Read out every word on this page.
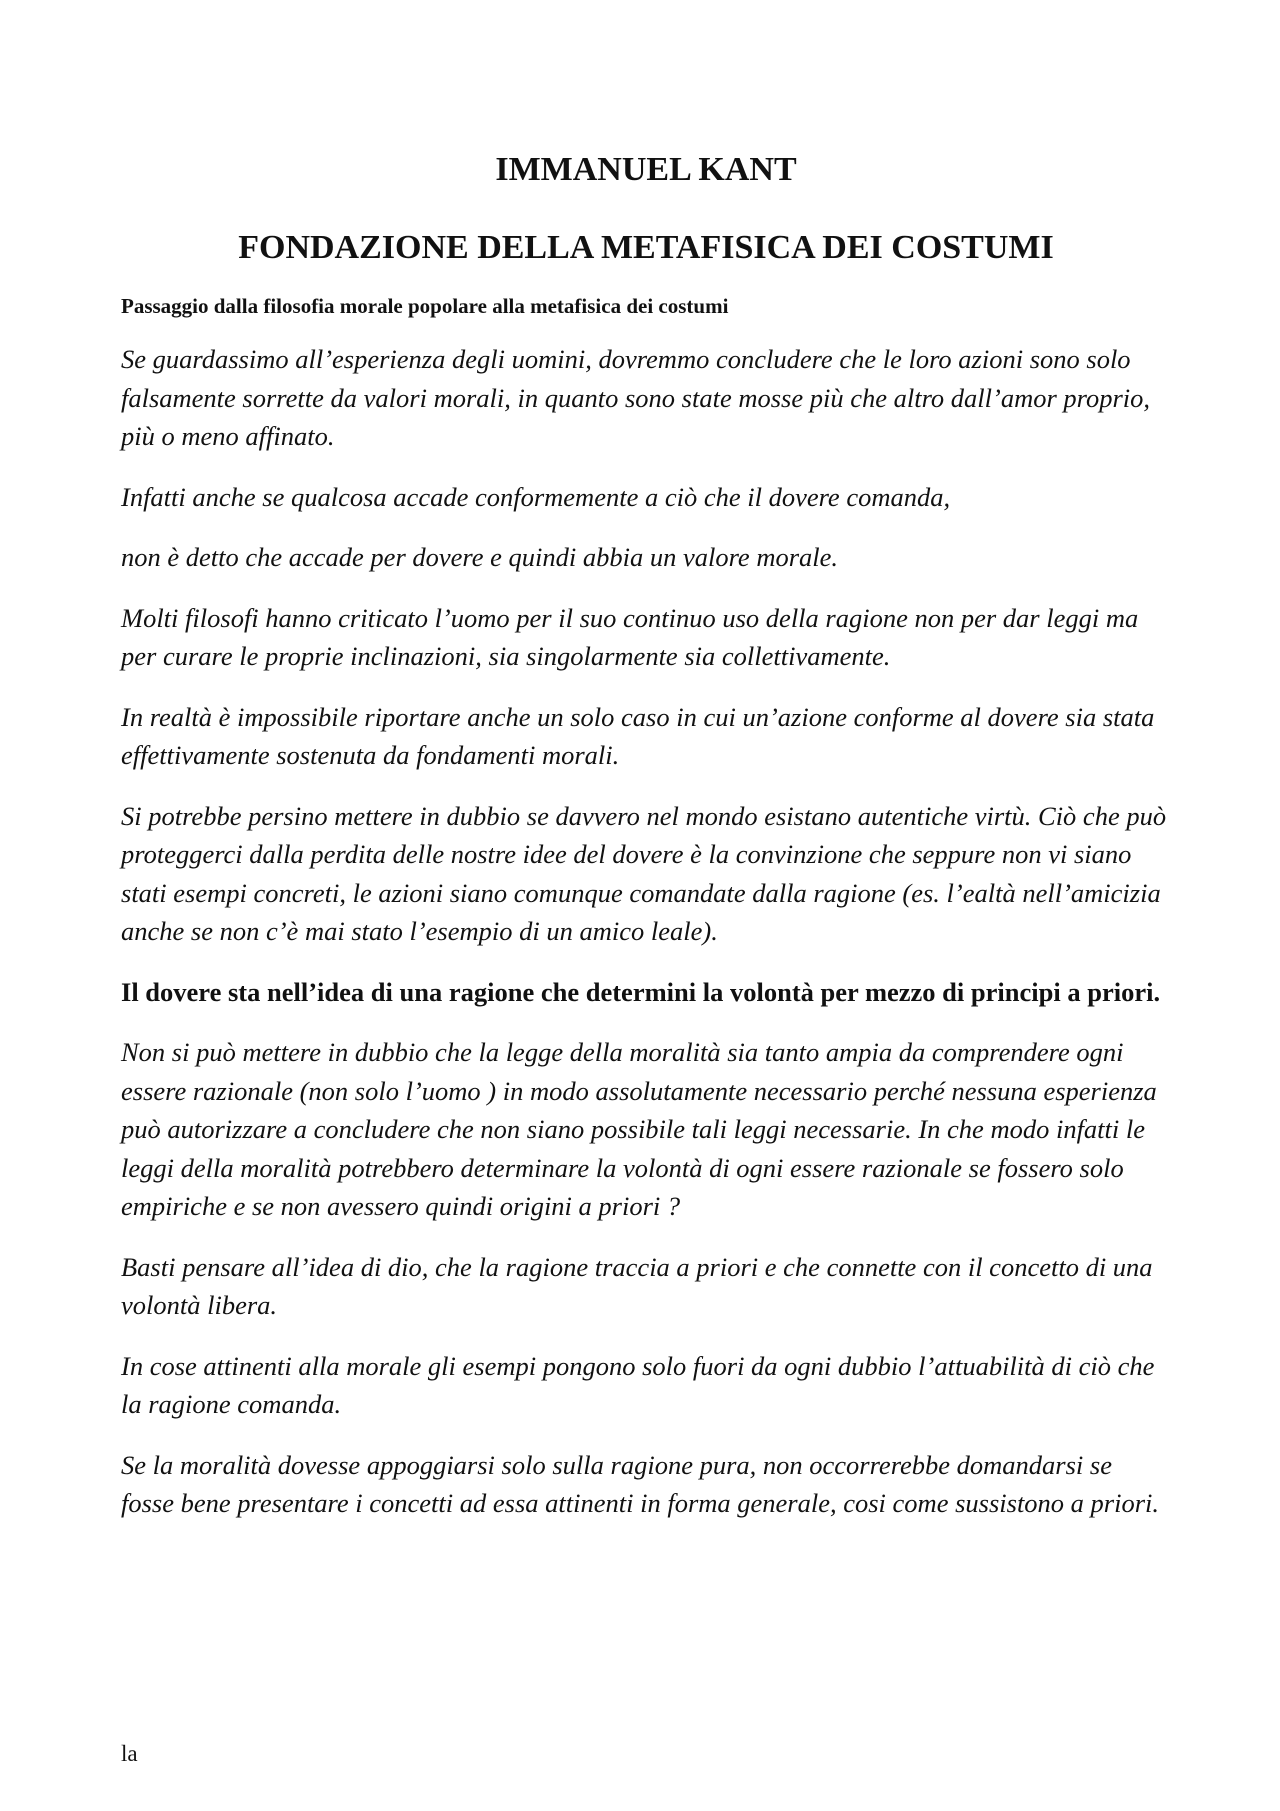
IMMANUEL KANT
FONDAZIONE DELLA METAFISICA DEI COSTUMI
Passaggio dalla filosofia morale popolare alla metafisica dei costumi

Se guardassimo all’esperienza degli uomini, dovremmo concludere che le loro azioni sono solo falsamente sorrette da valori morali, in quanto sono state mosse più che altro dall’amor proprio, più o meno affinato.

Infatti anche se qualcosa accade conformemente a ciò che il dovere comanda,

non è detto che accade per dovere e quindi abbia un valore morale.

Molti filosofi hanno criticato l’uomo per il suo continuo uso della ragione non per dar leggi ma per curare le proprie inclinazioni, sia singolarmente sia collettivamente.

In realtà è impossibile riportare anche un solo caso in cui un’azione conforme al dovere sia stata effettivamente sostenuta da fondamenti morali.

Si potrebbe persino mettere in dubbio se davvero nel mondo esistano autentiche virtù. Ciò che può proteggerci dalla perdita delle nostre idee del dovere è la convinzione che seppure non vi siano stati esempi concreti, le azioni siano comunque comandate dalla ragione (es. l’ealtà nell’amicizia anche se non c’è mai stato l’esempio di un amico leale).

Il dovere sta nell’idea di una ragione che determini la volontà per mezzo di principi a priori.

Non si può mettere in dubbio che la legge della moralità sia tanto ampia da comprendere ogni essere razionale (non solo l’uomo ) in modo assolutamente necessario perché nessuna esperienza può autorizzare a concludere che non siano possibile tali leggi necessarie. In che modo infatti le leggi della moralità potrebbero determinare la volontà di ogni essere razionale se fossero solo empiriche e se non avessero quindi origini a priori ?

Basti pensare all’idea di dio, che la ragione traccia a priori e che connette con il concetto di una volontà libera.

In cose attinenti alla morale gli esempi pongono solo fuori da ogni dubbio l’attuabilità di ciò che la ragione comanda.

Se la moralità dovesse appoggiarsi solo sulla ragione pura, non occorrerebbe domandarsi se fosse bene presentare i concetti ad essa attinenti in forma generale, cosi come sussistono a priori.

la
